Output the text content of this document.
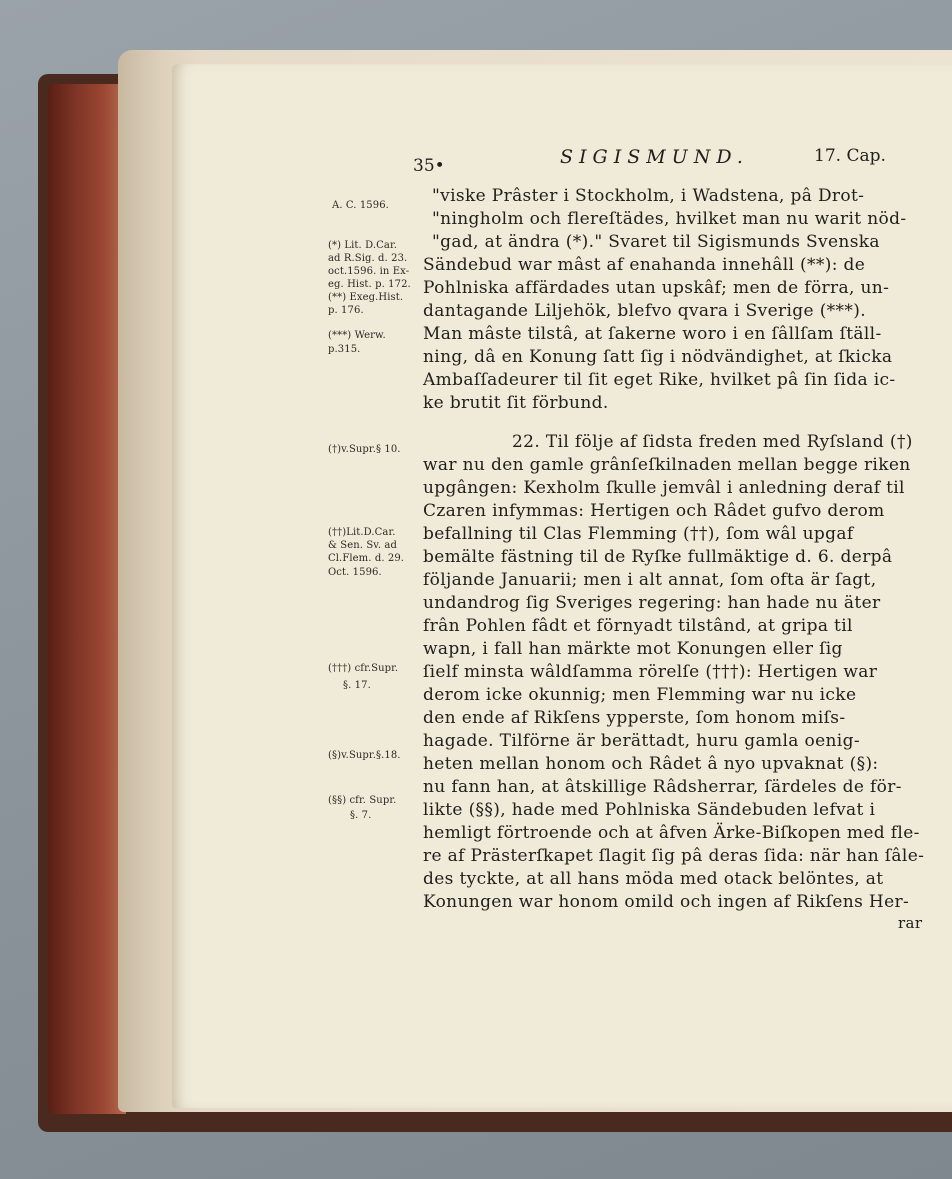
35•	SIGISMUND.	17. Cap.
A. C. 1596.
(*) Lit. D.Car.
ad R.Sig. d. 23.
oct.1596. in Ex-
eg. Hist. p. 172.
(**) Exeg.Hist.
p. 176.
(***) Werw.
p.315.
(†)v.Supr.§ 10.
(††)Lit.D.Car.
& Sen. Sv. ad
Cl.Flem. d. 29.
Oct. 1596.
(†††) cfr.Supr.
§. 17.
(§)v.Supr.§.18.
(§§) cfr. Supr.
§. 7.
"viske Prâster i Stockholm, i Wadstena, pâ Drot-
"ningholm och flereſtädes, hvilket man nu warit nöd-
"gad, at ändra (*)." Svaret til Sigismunds Svenska
Sändebud war mâst af enahanda innehâll (**): de
Pohlniska affärdades utan upskâf; men de förra, un-
dantagande Liljehök, blefvo qvara i Sverige (***).
Man mâste tilstâ, at ſakerne woro i en ſâllſam ſtäll-
ning, dâ en Konung ſatt ſig i nödvändighet, at ſkicka
Ambaſſadeurer til ſit eget Rike, hvilket pâ ſin ſida ic-
ke brutit ſit förbund.
22. Til följe af ſidsta freden med Ryſsland (†)
war nu den gamle grânſeſkilnaden mellan begge riken
upgângen: Kexholm ſkulle jemvâl i anledning deraf til
Czaren infymmas: Hertigen och Râdet gufvo derom
befallning til Clas Flemming (††), ſom wâl upgaf
bemälte fästning til de Ryſke fullmäktige d. 6. derpâ
följande Januarii; men i alt annat, ſom ofta är ſagt,
undandrog ſig Sveriges regering: han hade nu äter
frân Pohlen fâdt et förnyadt tilstând, at gripa til
wapn, i fall han märkte mot Konungen eller ſig
ſielf minsta wâldſamma rörelſe (†††): Hertigen war
derom icke okunnig; men Flemming war nu icke
den ende af Rikſens ypperste, ſom honom miſs-
hagade. Tilförne är berättadt, huru gamla oenig-
heten mellan honom och Râdet â nyo upvaknat (§):
nu fann han, at âtskillige Râdsherrar, ſärdeles de för-
likte (§§), hade med Pohlniska Sändebuden lefvat i
hemligt förtroende och at âfven Ärke-Biſkopen med fle-
re af Prästerſkapet ſlagit ſig pâ deras ſida: när han ſâle-
des tyckte, at all hans möda med otack belöntes, at
Konungen war honom omild och ingen af Rikſens Her-
rar
